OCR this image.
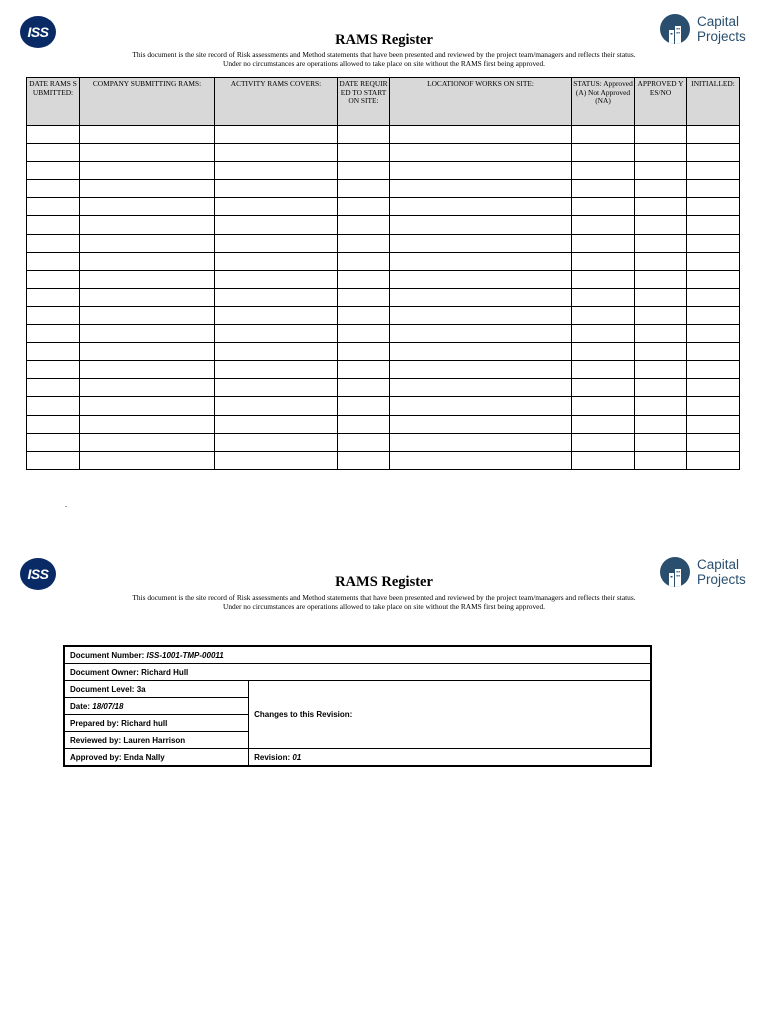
ISS
Capital
Projects
RAMS Register
This document is the site record of Risk assessments and Method statements that have been presented and reviewed by the project team/managers and reflects their status.
Under no circumstances are operations allowed to take place on site without the RAMS first being approved.
DATE RAMS SUBMITTED:	COMPANY SUBMITTING RAMS:	ACTIVITY RAMS COVERS:	DATE REQUIRED TO START ON SITE:	LOCATIONOF WORKS ON SITE:	STATUS: Approved (A) Not Approved (NA)	APPROVED YES/NO	INITIALLED:

.
ISS
Capital
Projects
RAMS Register
This document is the site record of Risk assessments and Method statements that have been presented and reviewed by the project team/managers and reflects their status.
Under no circumstances are operations allowed to take place on site without the RAMS first being approved.
Document Number: ISS-1001-TMP-00011	
Document Owner: Richard Hull	
Document Level: 3a	Changes to this Revision:
Date: 18/07/18	
Prepared by: Richard hull	
Reviewed by: Lauren Harrison	
Approved by: Enda Nally	Revision: 01
